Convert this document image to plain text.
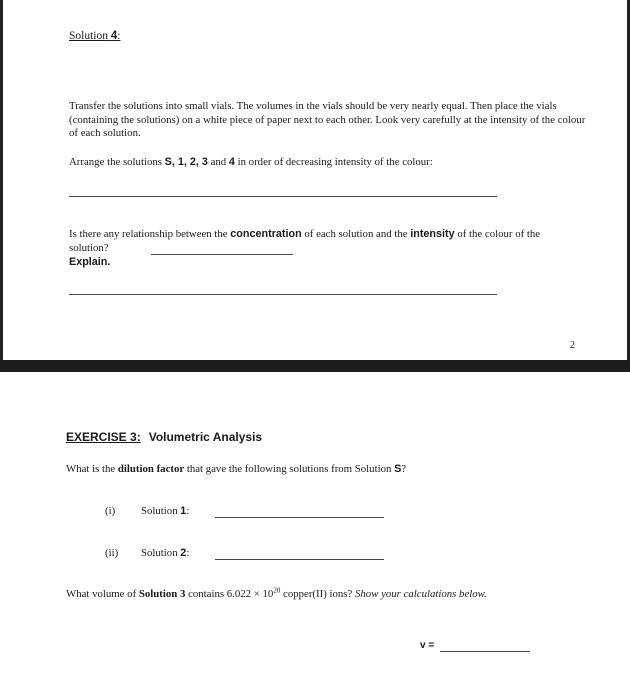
Solution 4:
Transfer the solutions into small vials. The volumes in the vials should be very nearly equal. Then place the vials (containing the solutions) on a white piece of paper next to each other. Look very carefully at the intensity of the colour of each solution.
Arrange the solutions S, 1, 2, 3 and 4 in order of decreasing intensity of the colour:
Is there any relationship between the concentration of each solution and the intensity of the colour of the solution?
Explain.
2
EXERCISE 3: Volumetric Analysis
What is the dilution factor that gave the following solutions from Solution S?
(i) Solution 1:
(ii) Solution 2:
What volume of Solution 3 contains $6.022 \times 10^{20}$ copper(II) ions? Show your calculations below.
v =
